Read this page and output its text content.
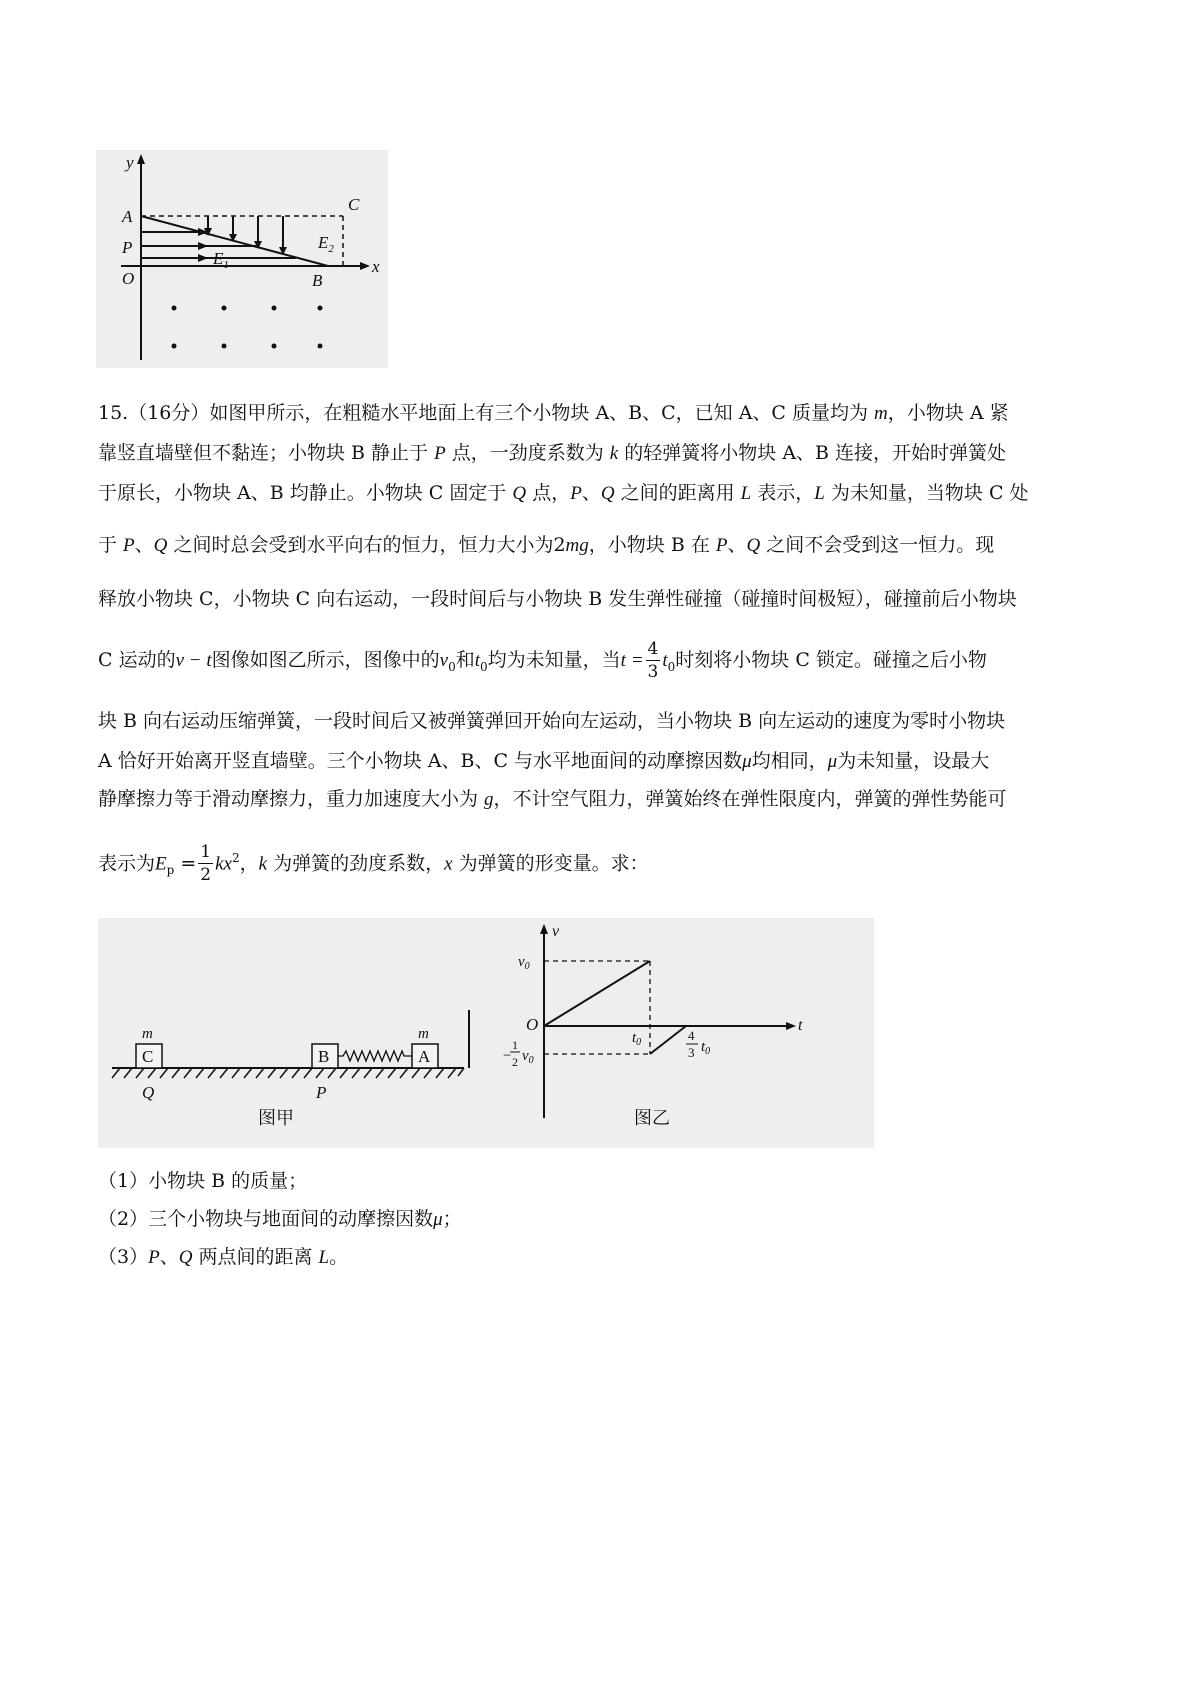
y
x
A
C
P
O	B
$E_1$
$E_2$
15.（16分）如图甲所示，在粗糙水平地面上有三个小物块 A、B、C，已知 A、C 质量均为 m，小物块 A 紧
靠竖直墙壁但不黏连；小物块 B 静止于 P 点，一劲度系数为 k 的轻弹簧将小物块 A、B 连接，开始时弹簧处
于原长，小物块 A、B 均静止。小物块 C 固定于 Q 点，P、Q 之间的距离用 L 表示，L 为未知量，当物块 C 处
于 P、Q 之间时总会受到水平向右的恒力，恒力大小为2mg，小物块 B 在 P、Q 之间不会受到这一恒力。现
释放小物块 C，小物块 C 向右运动，一段时间后与小物块 B 发生弹性碰撞（碰撞时间极短），碰撞前后小物块
C 运动的v − t图像如图乙所示，图像中的$v_0$和$t_0$均为未知量，当$t = \frac{4}{3} t_0$时刻将小物块 C 锁定。碰撞之后小物
块 B 向右运动压缩弹簧，一段时间后又被弹簧弹回开始向左运动，当小物块 B 向左运动的速度为零时小物块
A 恰好开始离开竖直墙壁。三个小物块 A、B、C 与水平地面间的动摩擦因数μ均相同，μ为未知量，设最大
静摩擦力等于滑动摩擦力，重力加速度大小为 g，不计空气阻力，弹簧始终在弹性限度内，弹簧的弹性势能可
表示为$E_p = \frac{1}{2} kx^2$，k 为弹簧的劲度系数，x 为弹簧的形变量。求：
C
m
Q
B
P
A
m
图甲
v
t
O
$v_0$
−
1
2 $v_0$
$t_0$	4
3 $t_0$
图乙
（1）小物块 B 的质量；
（2）三个小物块与地面间的动摩擦因数μ；
（3）P、Q 两点间的距离 L。
